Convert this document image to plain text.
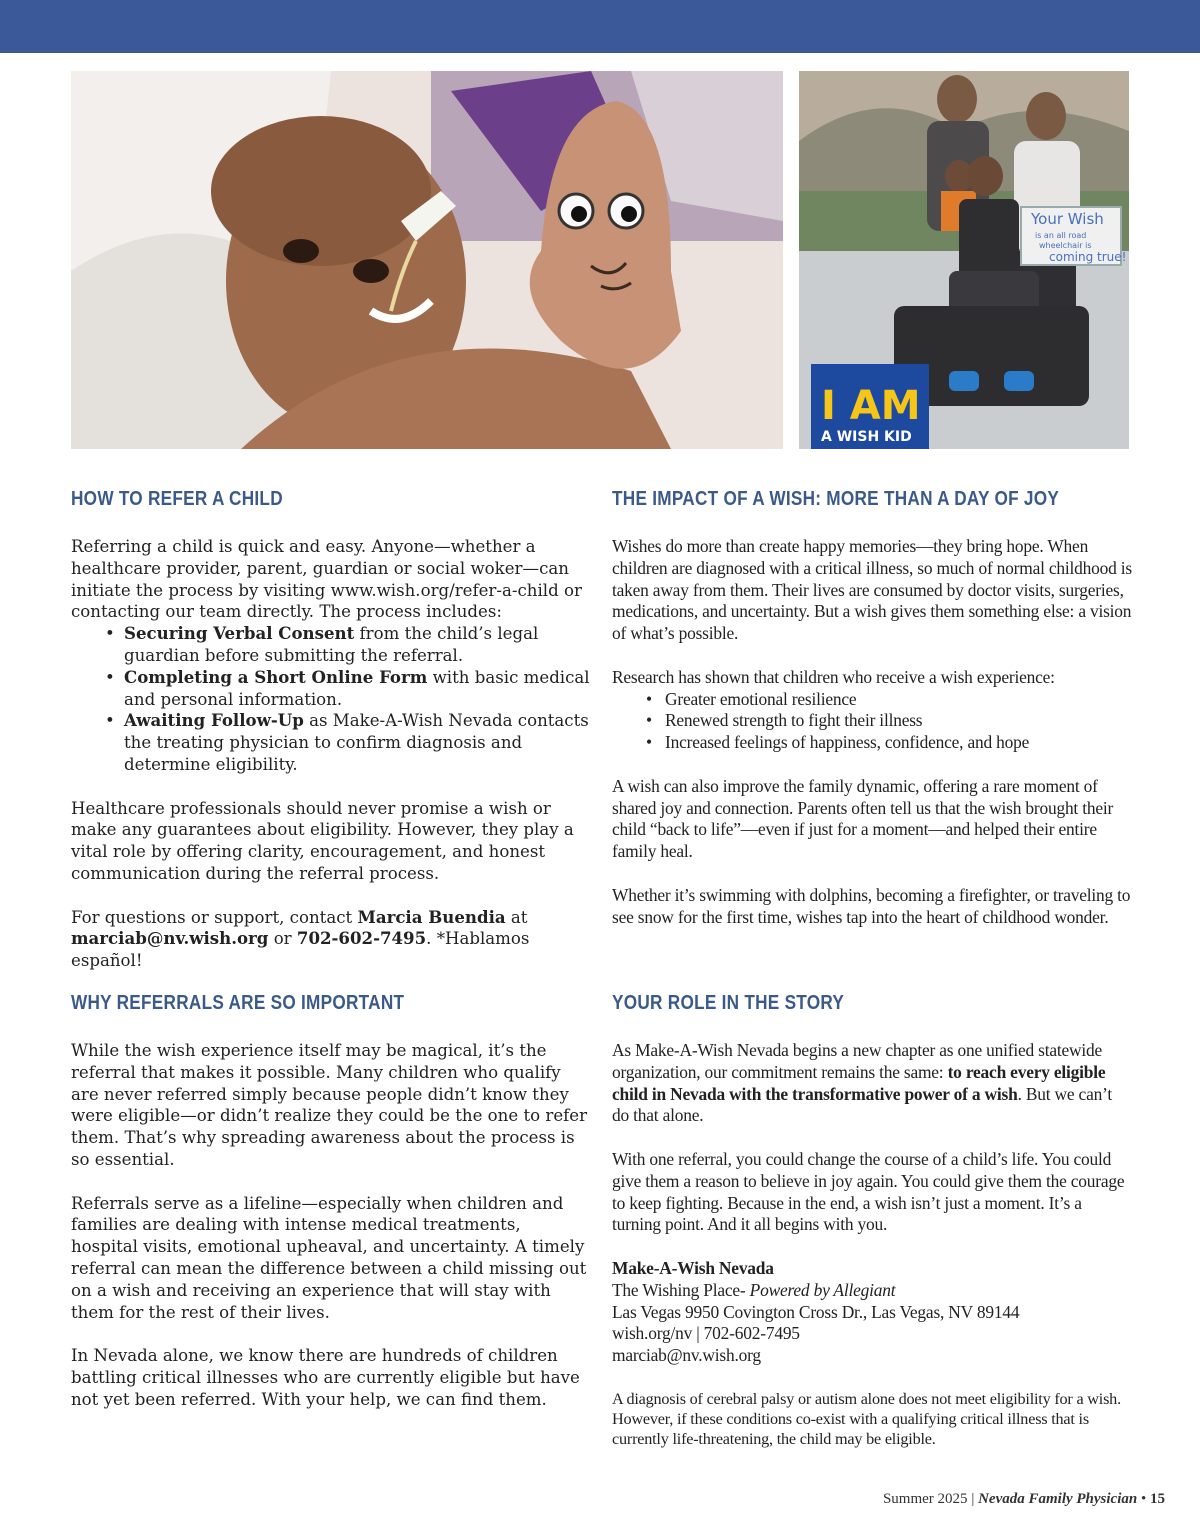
Your Wish
is an all road
wheelchair is
coming true!
I AM
A WISH KID
HOW TO REFER A CHILD

Referring a child is quick and easy. Anyone—whether a healthcare provider, parent, guardian or social woker—can initiate the process by visiting www.wish.org/refer-a-child or contacting our team directly. The process includes:

• Securing Verbal Consent from the child’s legal guardian before submitting the referral.
• Completing a Short Online Form with basic medical and personal information.
• Awaiting Follow-Up as Make-A-Wish Nevada contacts the treating physician to confirm diagnosis and determine eligibility.

Healthcare professionals should never promise a wish or make any guarantees about eligibility. However, they play a vital role by offering clarity, encouragement, and honest communication during the referral process.

For questions or support, contact Marcia Buendia at marciab@nv.wish.org or 702-602-7495. *Hablamos español!

WHY REFERRALS ARE SO IMPORTANT

While the wish experience itself may be magical, it’s the referral that makes it possible. Many children who qualify are never referred simply because people didn’t know they were eligible—or didn’t realize they could be the one to refer them. That’s why spreading awareness about the process is so essential.

Referrals serve as a lifeline—especially when children and families are dealing with intense medical treatments, hospital visits, emotional upheaval, and uncertainty. A timely referral can mean the difference between a child missing out on a wish and receiving an experience that will stay with them for the rest of their lives.

In Nevada alone, we know there are hundreds of children battling critical illnesses who are currently eligible but have not yet been referred. With your help, we can find them.

THE IMPACT OF A WISH: MORE THAN A DAY OF JOY

Wishes do more than create happy memories—they bring hope. When children are diagnosed with a critical illness, so much of normal childhood is taken away from them. Their lives are consumed by doctor visits, surgeries, medications, and uncertainty. But a wish gives them something else: a vision of what’s possible.

Research has shown that children who receive a wish experience:

• Greater emotional resilience
• Renewed strength to fight their illness
• Increased feelings of happiness, confidence, and hope

A wish can also improve the family dynamic, offering a rare moment of shared joy and connection. Parents often tell us that the wish brought their child “back to life”—even if just for a moment—and helped their entire family heal.

Whether it’s swimming with dolphins, becoming a firefighter, or traveling to see snow for the first time, wishes tap into the heart of childhood wonder.

YOUR ROLE IN THE STORY

As Make-A-Wish Nevada begins a new chapter as one unified statewide organization, our commitment remains the same: to reach every eligible child in Nevada with the transformative power of a wish. But we can’t do that alone.

With one referral, you could change the course of a child’s life. You could give them a reason to believe in joy again. You could give them the courage to keep fighting. Because in the end, a wish isn’t just a moment. It’s a turning point. And it all begins with you.

Make-A-Wish Nevada

The Wishing Place- Powered by Allegiant

Las Vegas 9950 Covington Cross Dr., Las Vegas, NV 89144

wish.org/nv | 702-602-7495

marciab@nv.wish.org

A diagnosis of cerebral palsy or autism alone does not meet eligibility for a wish. However, if these conditions co-exist with a qualifying critical illness that is currently life-threatening, the child may be eligible.

Summer 2025 | Nevada Family Physician • 15
